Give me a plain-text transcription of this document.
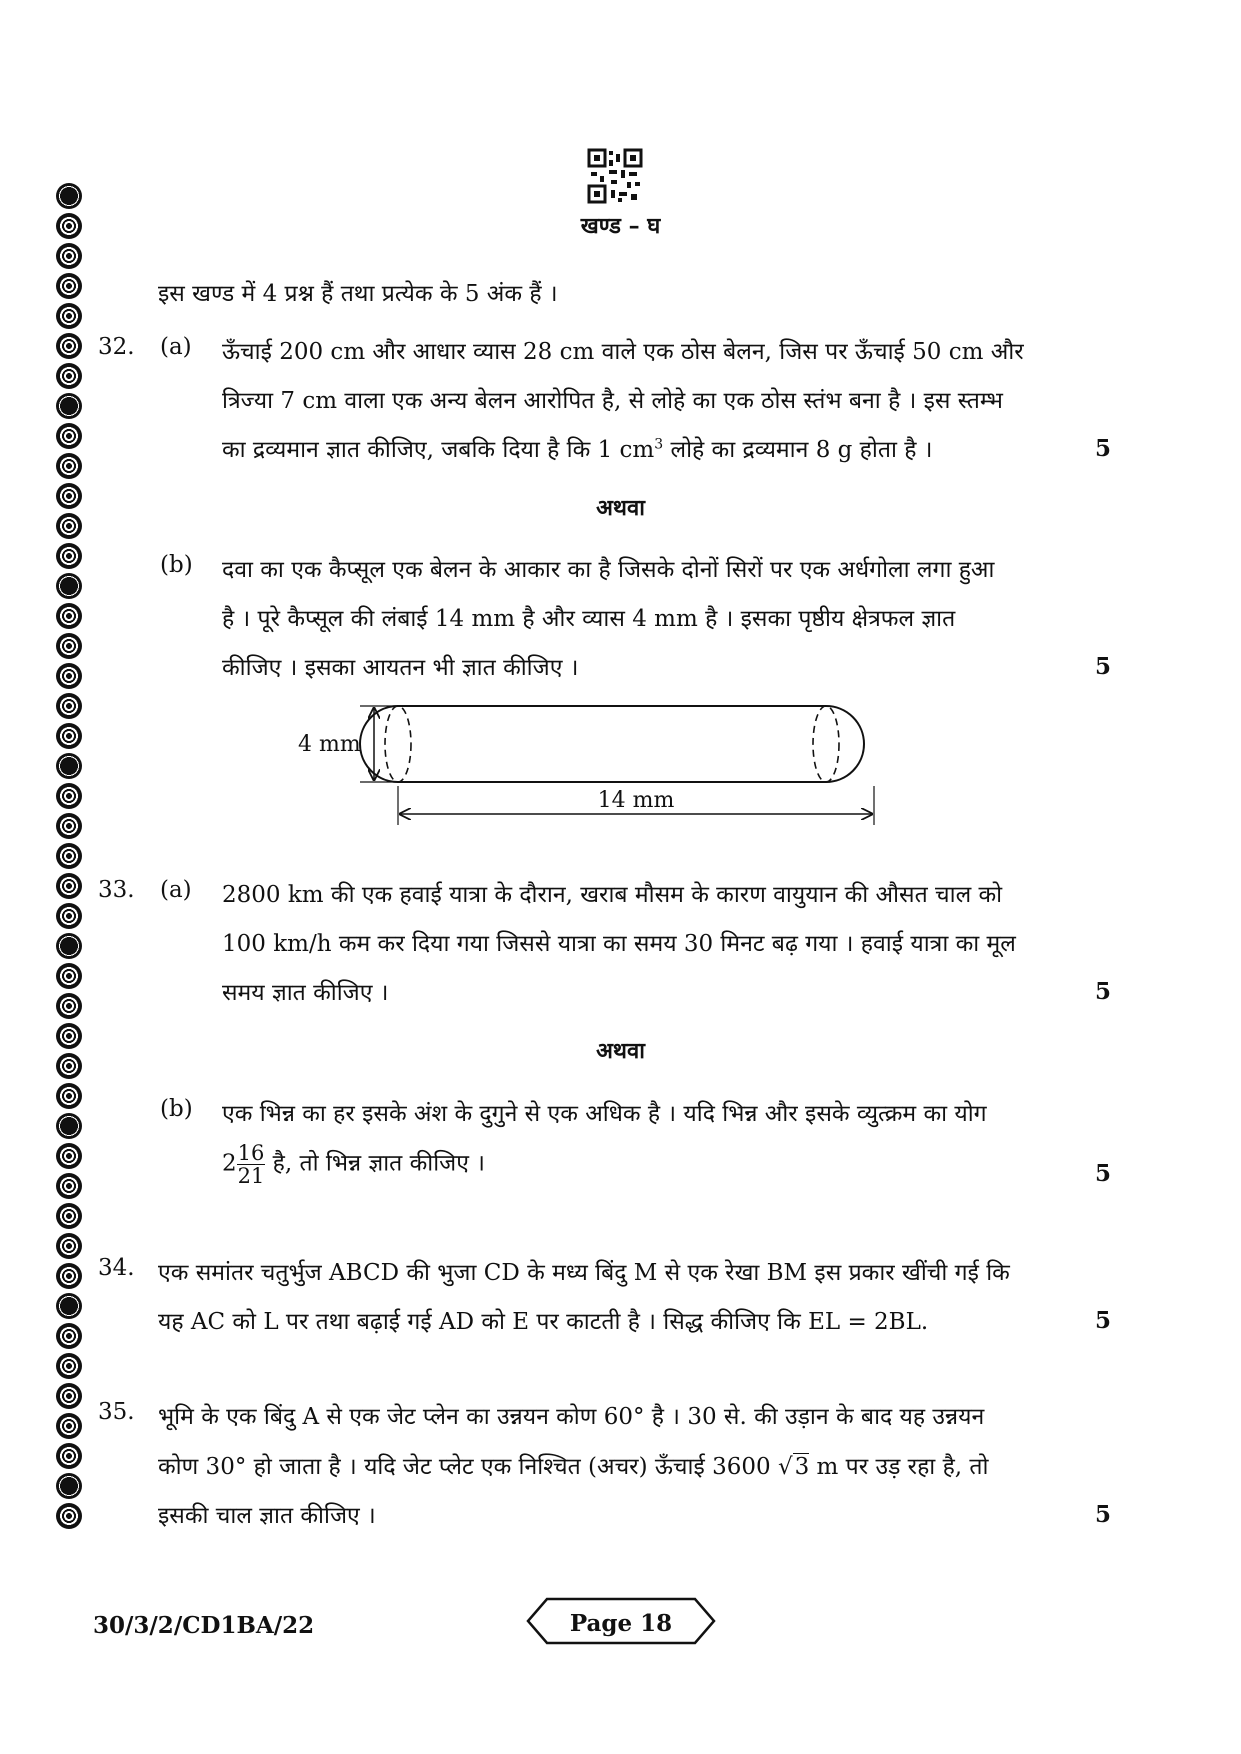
खण्ड – घ
इस खण्ड में 4 प्रश्न हैं तथा प्रत्येक के 5 अंक हैं ।
32. (a) ऊँचाई 200 cm और आधार व्यास 28 cm वाले एक ठोस बेलन, जिस पर ऊँचाई 50 cm और
त्रिज्या 7 cm वाला एक अन्य बेलन आरोपित है, से लोहे का एक ठोस स्तंभ बना है । इस स्तम्भ
का द्रव्यमान ज्ञात कीजिए, जबकि दिया है कि 1 $cm^3$ लोहे का द्रव्यमान 8 g होता है ।	5
अथवा
(b) दवा का एक कैप्सूल एक बेलन के आकार का है जिसके दोनों सिरों पर एक अर्धगोला लगा हुआ
है । पूरे कैप्सूल की लंबाई 14 mm है और व्यास 4 mm है । इसका पृष्ठीय क्षेत्रफल ज्ञात
कीजिए । इसका आयतन भी ज्ञात कीजिए ।	5
4 mm
14 mm
33. (a) 2800 km की एक हवाई यात्रा के दौरान, खराब मौसम के कारण वायुयान की औसत चाल को
100 km/h कम कर दिया गया जिससे यात्रा का समय 30 मिनट बढ़ गया । हवाई यात्रा का मूल
समय ज्ञात कीजिए ।	5
अथवा
(b) एक भिन्न का हर इसके अंश के दुगुने से एक अधिक है । यदि भिन्न और इसके व्युत्क्रम का योग
$2 \frac{16}{21}$ है, तो भिन्न ज्ञात कीजिए ।	5
34. एक समांतर चतुर्भुज ABCD की भुजा CD के मध्य बिंदु M से एक रेखा BM इस प्रकार खींची गई कि
यह AC को L पर तथा बढ़ाई गई AD को E पर काटती है । सिद्ध कीजिए कि EL = 2BL.	5
35. भूमि के एक बिंदु A से एक जेट प्लेन का उन्नयन कोण 60° है । 30 से. की उड़ान के बाद यह उन्नयन
कोण 30° हो जाता है । यदि जेट प्लेट एक निश्चित (अचर) ऊँचाई 3600 √3 m पर उड़ रहा है, तो
इसकी चाल ज्ञात कीजिए ।	5
30/3/2/CD1BA/22	Page 18
